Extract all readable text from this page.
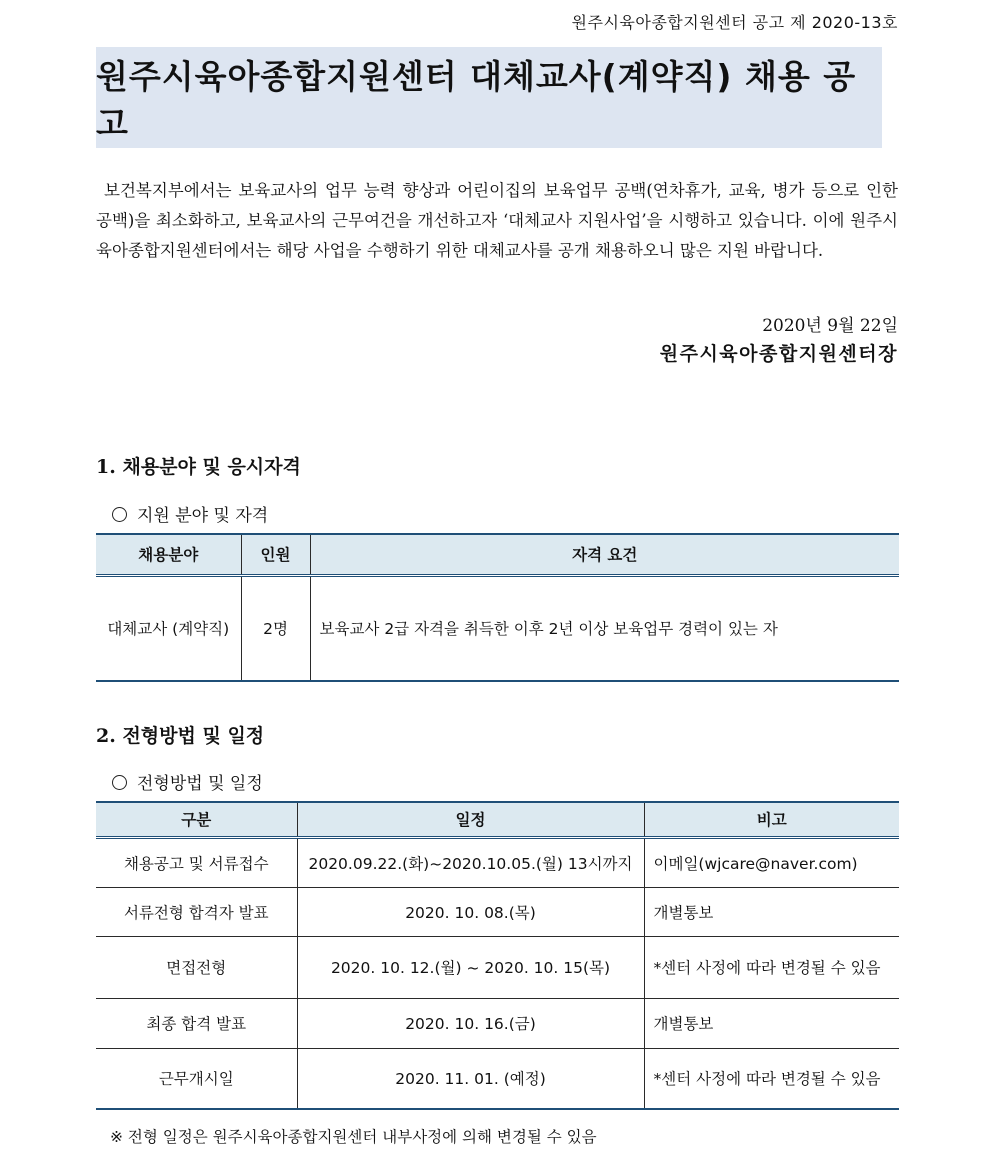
원주시육아종합지원센터 공고 제 2020-13호
원주시육아종합지원센터 대체교사(계약직) 채용 공고

보건복지부에서는 보육교사의 업무 능력 향상과 어린이집의 보육업무 공백(연차휴가, 교육, 병가 등으로 인한 공백)을 최소화하고, 보육교사의 근무여건을 개선하고자 ‘대체교사 지원사업’을 시행하고 있습니다. 이에 원주시육아종합지원센터에서는 해당 사업을 수행하기 위한 대체교사를 공개 채용하오니 많은 지원 바랍니다.

2020년 9월 22일
원주시육아종합지원센터장
1. 채용분야 및 응시자격
지원 분야 및 자격
채용분야	인원	자격 요건
대체교사 (계약직)	2명	보육교사 2급 자격을 취득한 이후 2년 이상 보육업무 경력이 있는 자
2. 전형방법 및 일정
전형방법 및 일정
구분	일정	비고
채용공고 및 서류접수	2020.09.22.(화)~2020.10.05.(월) 13시까지	이메일(wjcare@naver.com)
서류전형 합격자 발표	2020. 10. 08.(목)	개별통보
면접전형	2020. 10. 12.(월) ~ 2020. 10. 15(목)	*센터 사정에 따라 변경될 수 있음
최종 합격 발표	2020. 10. 16.(금)	개별통보
근무개시일	2020. 11. 01. (예정)	*센터 사정에 따라 변경될 수 있음
※ 전형 일정은 원주시육아종합지원센터 내부사정에 의해 변경될 수 있음
